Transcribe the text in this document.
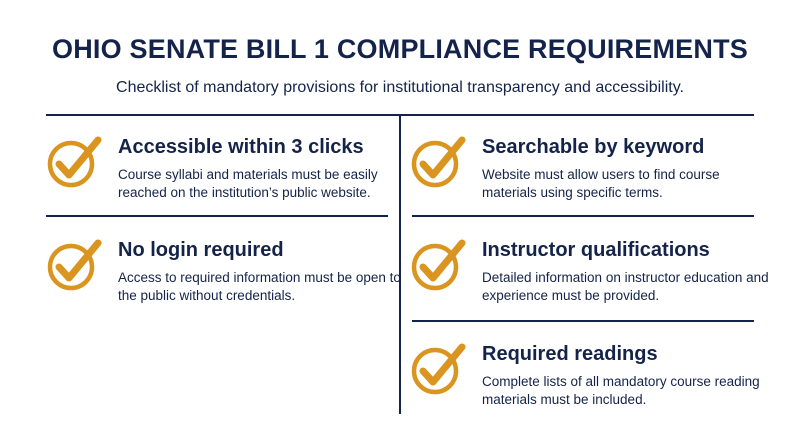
OHIO SENATE BILL 1 COMPLIANCE REQUIREMENTS
Checklist of mandatory provisions for institutional transparency and accessibility.
Accessible within 3 clicks
Course syllabi and materials must be easily reached on the institution’s public website.
No login required
Access to required information must be open to the public without credentials.
Searchable by keyword
Website must allow users to find course materials using specific terms.
Instructor qualifications
Detailed information on instructor education and experience must be provided.
Required readings
Complete lists of all mandatory course reading materials must be included.
